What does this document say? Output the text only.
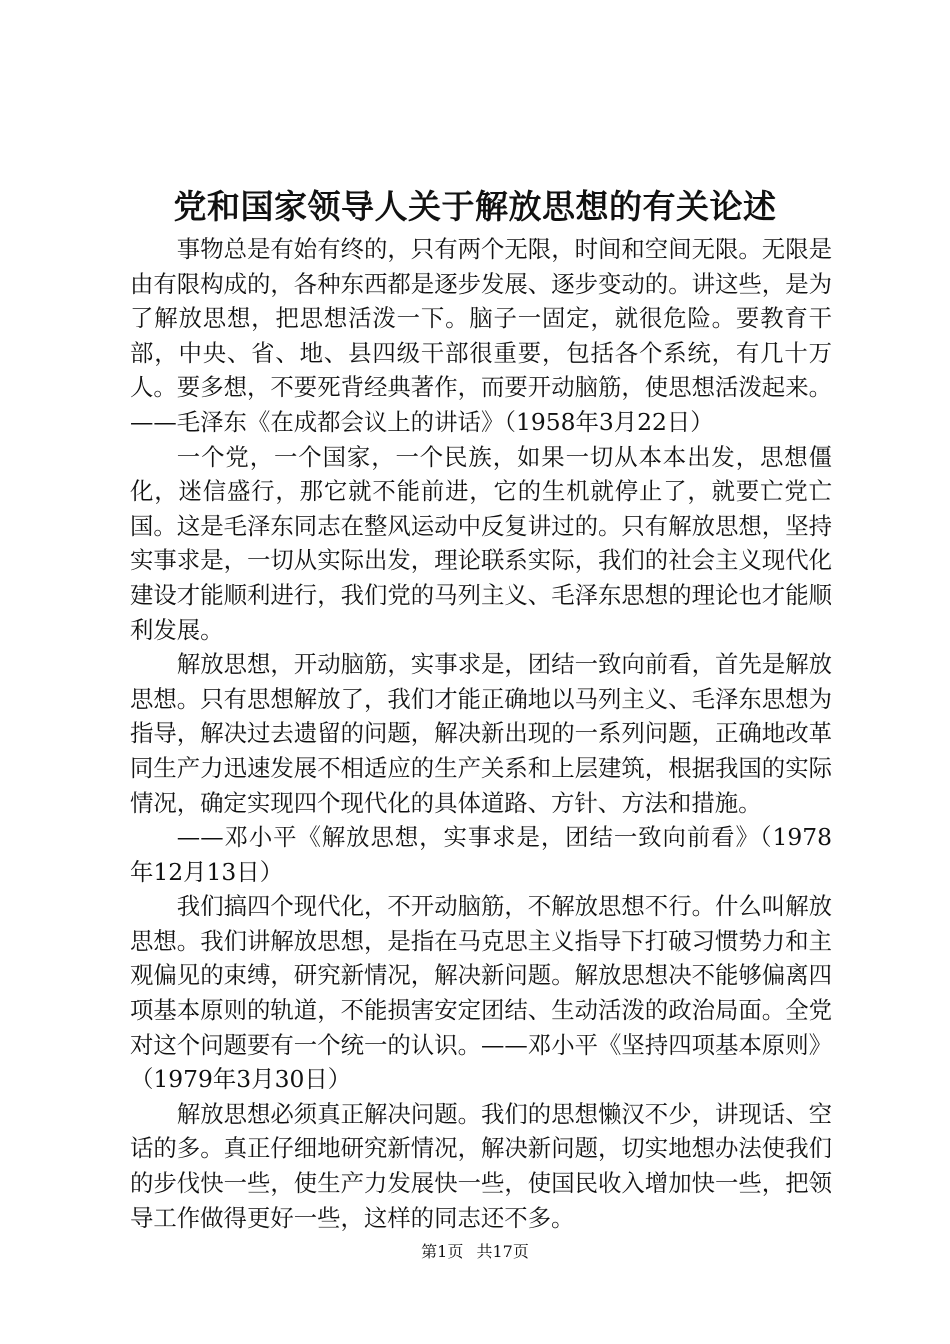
党和国家领导人关于解放思想的有关论述

事物总是有始有终的，只有两个无限，时间和空间无限。无限是由有限构成的，各种东西都是逐步发展、逐步变动的。讲这些，是为了解放思想，把思想活泼一下。脑子一固定，就很危险。要教育干部，中央、省、地、县四级干部很重要，包括各个系统，有几十万人。要多想，不要死背经典著作，而要开动脑筋，使思想活泼起来。——毛泽东《在成都会议上的讲话》（1958年3月22日）

一个党，一个国家，一个民族，如果一切从本本出发，思想僵化，迷信盛行，那它就不能前进，它的生机就停止了，就要亡党亡国。这是毛泽东同志在整风运动中反复讲过的。只有解放思想，坚持实事求是，一切从实际出发，理论联系实际，我们的社会主义现代化建设才能顺利进行，我们党的马列主义、毛泽东思想的理论也才能顺利发展。

解放思想，开动脑筋，实事求是，团结一致向前看，首先是解放思想。只有思想解放了，我们才能正确地以马列主义、毛泽东思想为指导，解决过去遗留的问题，解决新出现的一系列问题，正确地改革同生产力迅速发展不相适应的生产关系和上层建筑，根据我国的实际情况，确定实现四个现代化的具体道路、方针、方法和措施。

——邓小平《解放思想，实事求是，团结一致向前看》（1978年12月13日）

我们搞四个现代化，不开动脑筋，不解放思想不行。什么叫解放思想。我们讲解放思想，是指在马克思主义指导下打破习惯势力和主观偏见的束缚，研究新情况，解决新问题。解放思想决不能够偏离四项基本原则的轨道，不能损害安定团结、生动活泼的政治局面。全党对这个问题要有一个统一的认识。——邓小平《坚持四项基本原则》（1979年3月30日）

解放思想必须真正解决问题。我们的思想懒汉不少，讲现话、空话的多。真正仔细地研究新情况，解决新问题，切实地想办法使我们的步伐快一些，使生产力发展快一些，使国民收入增加快一些，把领导工作做得更好一些，这样的同志还不多。

第1页 共17页
